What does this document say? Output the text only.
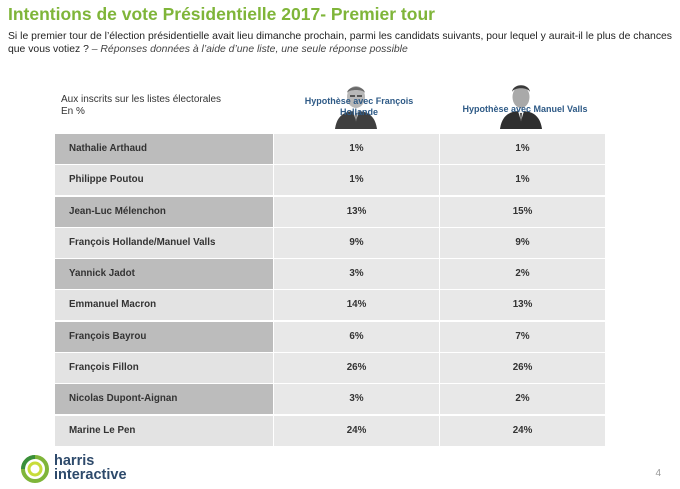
Intentions de vote Présidentielle 2017- Premier tour
Si le premier tour de l’élection présidentielle avait lieu dimanche prochain, parmi les candidats suivants, pour lequel y aurait-il le plus de chances que vous votiez ? – Réponses données à l’aide d’une liste, une seule réponse possible
Aux inscrits sur les listes électorales
En %
Hypothèse avec François Hollande	Hypothèse avec Manuel Valls
Nathalie Arthaud	1%	1%
Philippe Poutou	1%	1%
Jean-Luc Mélenchon	13%	15%
François Hollande/Manuel Valls	9%	9%
Yannick Jadot	3%	2%
Emmanuel Macron	14%	13%
François Bayrou	6%	7%
François Fillon	26%	26%
Nicolas Dupont-Aignan	3%	2%
Marine Le Pen	24%	24%
harris
interactive	4
